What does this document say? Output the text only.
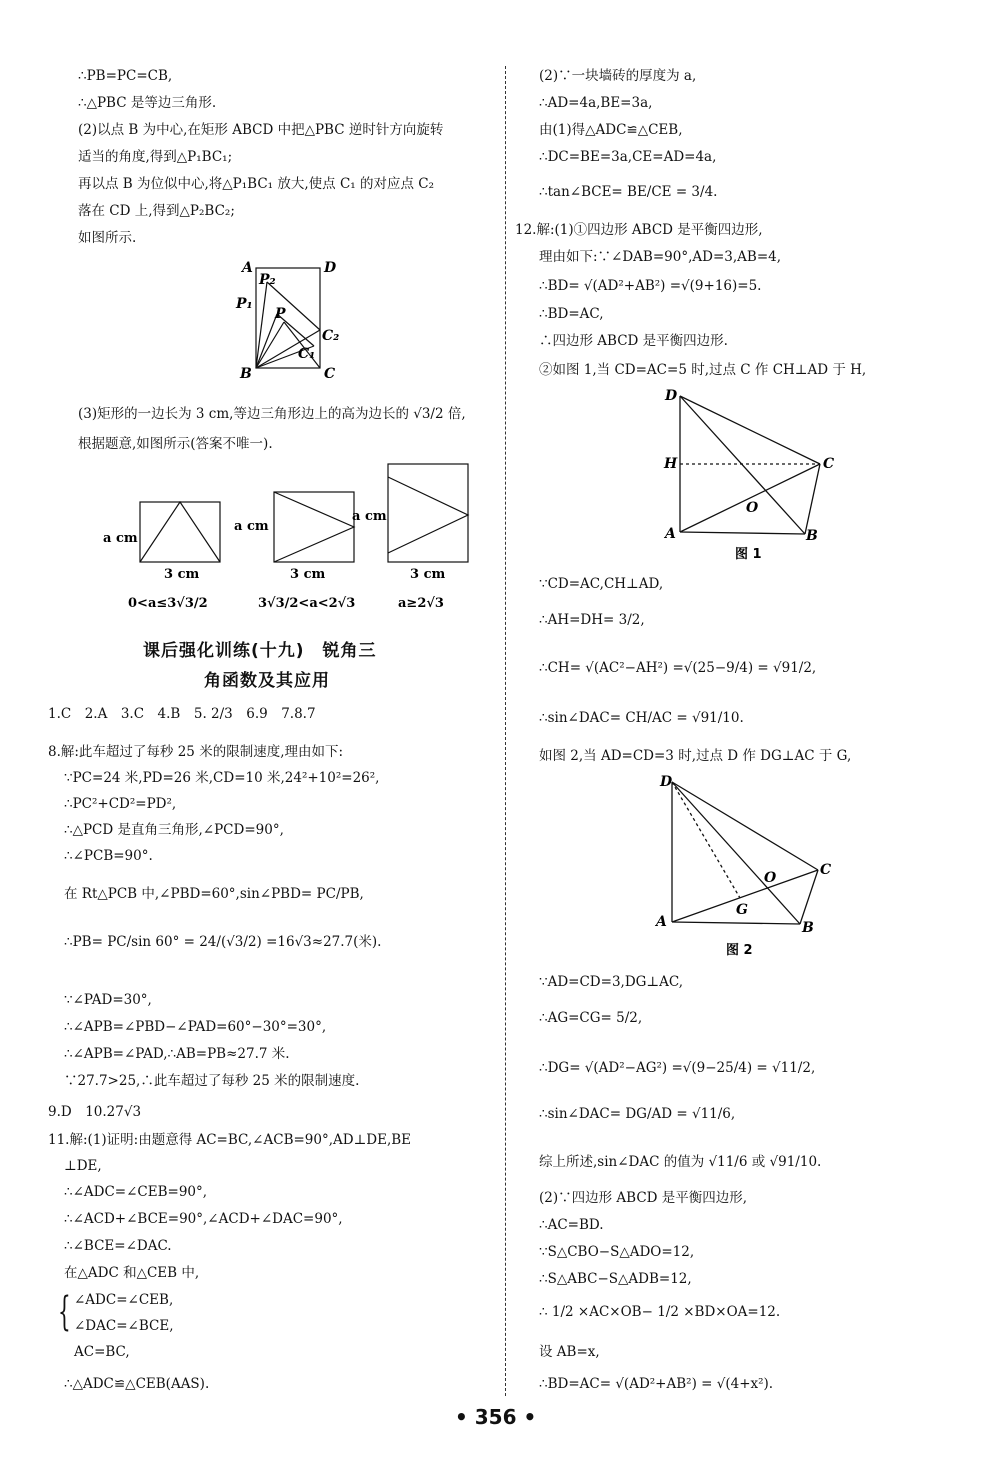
∴PB=PC=CB,
∴△PBC 是等边三角形.
(2)以点 B 为中心,在矩形 ABCD 中把△PBC 逆时针方向旋转
适当的角度,得到△P₁BC₁;
再以点 B 为位似中心,将△P₁BC₁ 放大,使点 C₁ 的对应点 C₂
落在 CD 上,得到△P₂BC₂;
如图所示.
A	D
P₂
P₁
P
C₂
C₁
B	C
(3)矩形的一边长为 3 cm,等边三角形边上的高为边长的 √3/2 倍,
根据题意,如图所示(答案不唯一).
a cm
3 cm
0<a≤3√3/2
a cm
3 cm
3√3/2<a<2√3
a cm
3 cm
a≥2√3
课后强化训练(十九)　锐角三
角函数及其应用
1.C　2.A　3.C　4.B　5. 2/3　6.9　7.8.7
8.解:此车超过了每秒 25 米的限制速度,理由如下:
∵PC=24 米,PD=26 米,CD=10 米,24²+10²=26²,
∴PC²+CD²=PD²,
∴△PCD 是直角三角形,∠PCD=90°,
∴∠PCB=90°.
在 Rt△PCB 中,∠PBD=60°,sin∠PBD= PC/PB,
∴PB= PC/sin 60° = 24/(√3/2) =16√3≈27.7(米).
∵∠PAD=30°,
∴∠APB=∠PBD−∠PAD=60°−30°=30°,
∴∠APB=∠PAD,∴AB=PB≈27.7 米.
∵27.7>25,∴此车超过了每秒 25 米的限制速度.
9.D　10.27√3
11.解:(1)证明:由题意得 AC=BC,∠ACB=90°,AD⊥DE,BE
⊥DE,
∴∠ADC=∠CEB=90°,
∴∠ACD+∠BCE=90°,∠ACD+∠DAC=90°,
∴∠BCE=∠DAC.
在△ADC 和△CEB 中,
{ ∠ADC=∠CEB,
∠DAC=∠BCE,
AC=BC,
∴△ADC≌△CEB(AAS).
(2)∵一块墙砖的厚度为 a,
∴AD=4a,BE=3a,
由(1)得△ADC≌△CEB,
∴DC=BE=3a,CE=AD=4a,
∴tan∠BCE= BE/CE = 3/4.
12.解:(1)①四边形 ABCD 是平衡四边形,
理由如下:∵∠DAB=90°,AD=3,AB=4,
∴BD= √(AD²+AB²) =√(9+16)=5.
∴BD=AC,
∴四边形 ABCD 是平衡四边形.
②如图 1,当 CD=AC=5 时,过点 C 作 CH⊥AD 于 H,
D
H	C
O
A	B
图 1
∵CD=AC,CH⊥AD,
∴AH=DH= 3/2,
∴CH= √(AC²−AH²) =√(25−9/4) = √91/2,
∴sin∠DAC= CH/AC = √91/10.
如图 2,当 AD=CD=3 时,过点 D 作 DG⊥AC 于 G,
D
C
O
G
A	B
图 2
∵AD=CD=3,DG⊥AC,
∴AG=CG= 5/2,
∴DG= √(AD²−AG²) =√(9−25/4) = √11/2,
∴sin∠DAC= DG/AD = √11/6,
综上所述,sin∠DAC 的值为 √11/6 或 √91/10.
(2)∵四边形 ABCD 是平衡四边形,
∴AC=BD.
∵S△CBO−S△ADO=12,
∴S△ABC−S△ADB=12,
∴ 1/2 ×AC×OB− 1/2 ×BD×OA=12.
设 AB=x,
∴BD=AC= √(AD²+AB²) = √(4+x²).
• 356 •
